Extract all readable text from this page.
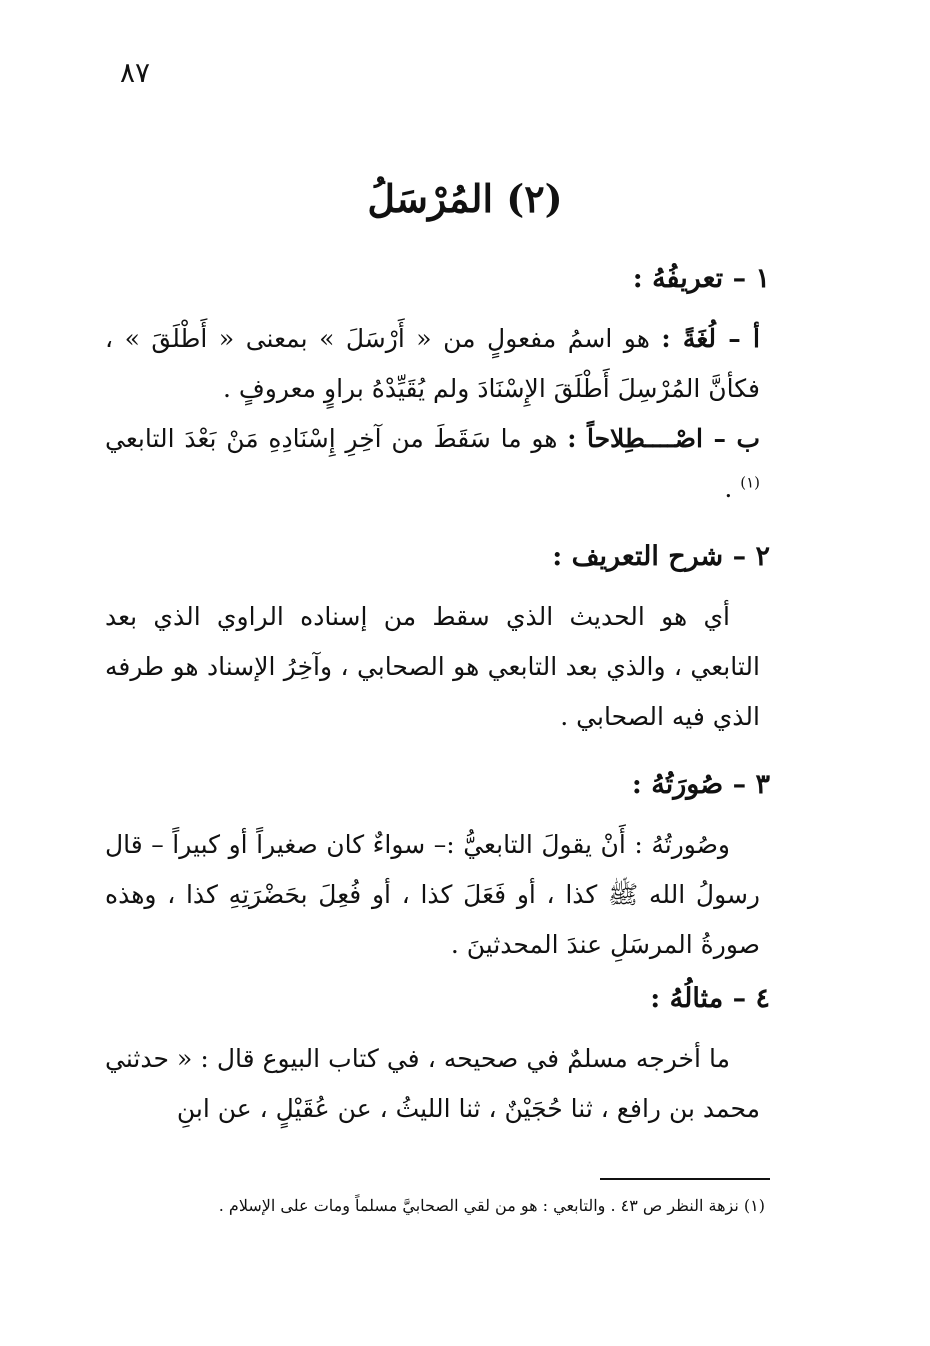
٨٧
(٢) المُرْسَلُ
١ – تعريفُهُ :

أ – لُغَةً : هو اسمُ مفعولٍ من « أَرْسَلَ » بمعنى « أَطْلَقَ » ، فكأنَّ المُرْسِلَ أَطْلَقَ الإِسْنَادَ ولم يُقَيِّدْهُ براوٍ معروفٍ .

ب – اصْــــطِلاحاً : هو ما سَقَطَ من آخِرِ إِسْنَادِهِ مَنْ بَعْدَ التابعي $^{(١)}$ .

٢ – شرح التعريف :

أي هو الحديث الذي سقط من إسناده الراوي الذي بعد التابعي ، والذي بعد التابعي هو الصحابي ، وآخِرُ الإسناد هو طرفه الذي فيه الصحابي .

٣ – صُورَتُهُ :

وصُورتُهُ : أَنْ يقولَ التابعيُّ :– سواءٌ كان صغيراً أو كبيراً – قال رسولُ الله ﷺ كذا ، أو فَعَلَ كذا ، أو فُعِلَ بحَضْرَتِهِ كذا ، وهذه صورةُ المرسَلِ عندَ المحدثينَ .

٤ – مثالُهُ :

ما أخرجه مسلمٌ في صحيحه ، في كتاب البيوع قال : « حدثني محمد بن رافع ، ثنا حُجَيْنٌ ، ثنا الليثُ ، عن عُقَيْلٍ ، عن ابنِ

(١) نزهة النظر ص ٤٣ . والتابعي : هو من لقي الصحابيَّ مسلماً ومات على الإسلام .
